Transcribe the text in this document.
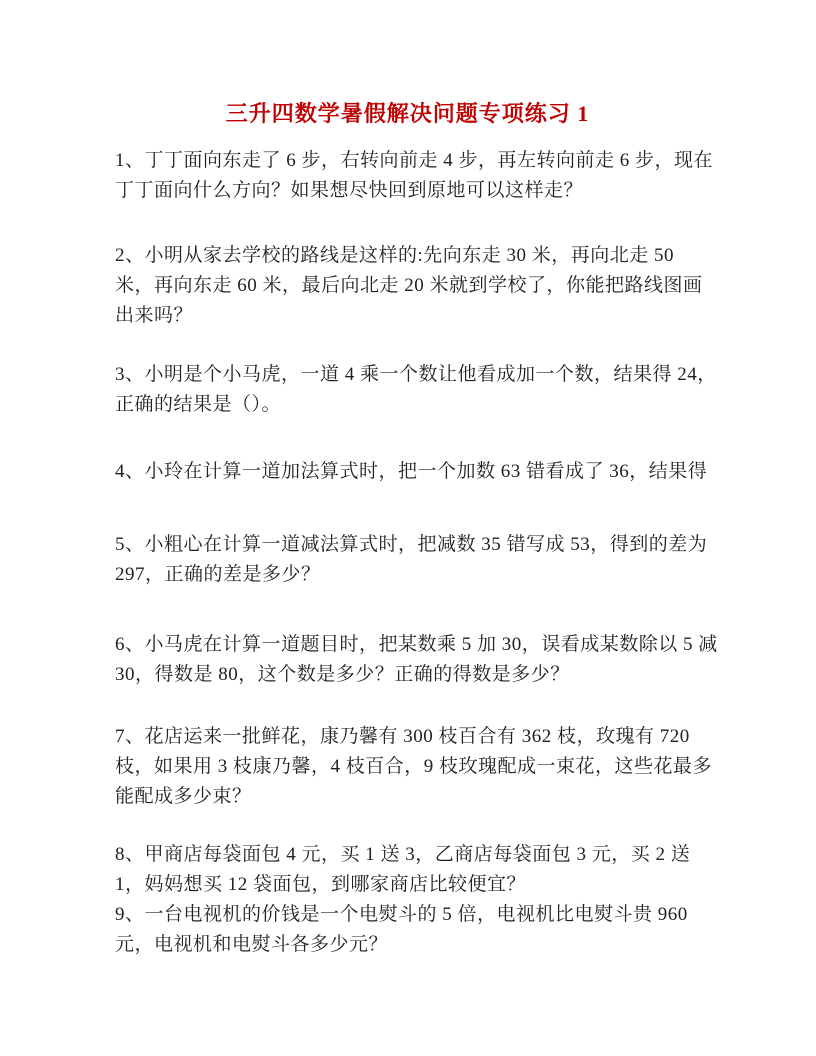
三升四数学暑假解决问题专项练习 1
1、丁丁面向东走了 6 步，右转向前走 4 步，再左转向前走 6 步，现在
丁丁面向什么方向？如果想尽快回到原地可以这样走？
2、小明从家去学校的路线是这样的:先向东走 30 米，再向北走 50
米，再向东走 60 米，最后向北走 20 米就到学校了，你能把路线图画
出来吗？
3、小明是个小马虎，一道 4 乘一个数让他看成加一个数，结果得 24，
正确的结果是（）。
4、小玲在计算一道加法算式时，把一个加数 63 错看成了 36，结果得
5、小粗心在计算一道减法算式时，把减数 35 错写成 53，得到的差为
297，正确的差是多少？
6、小马虎在计算一道题目时，把某数乘 5 加 30，误看成某数除以 5 减
30，得数是 80，这个数是多少？正确的得数是多少？
7、花店运来一批鲜花，康乃馨有 300 枝百合有 362 枝，玫瑰有 720
枝，如果用 3 枝康乃馨，4 枝百合，9 枝玫瑰配成一束花，这些花最多
能配成多少束？
8、甲商店每袋面包 4 元，买 1 送 3，乙商店每袋面包 3 元，买 2 送
1，妈妈想买 12 袋面包，到哪家商店比较便宜？
9、一台电视机的价钱是一个电熨斗的 5 倍，电视机比电熨斗贵 960
元，电视机和电熨斗各多少元？
